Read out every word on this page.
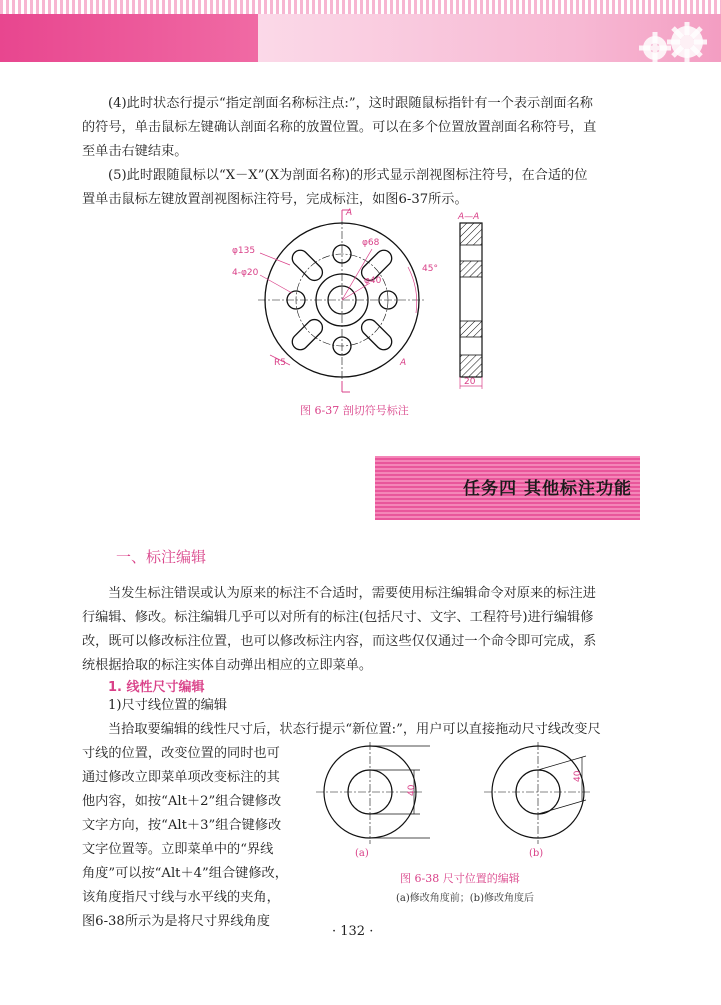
(4)此时状态行提示“指定剖面名称标注点:”，这时跟随鼠标指针有一个表示剖面名称
的符号，单击鼠标左键确认剖面名称的放置位置。可以在多个位置放置剖面名称符号，直
至单击右键结束。
(5)此时跟随鼠标以“X－X”(X为剖面名称)的形式显示剖视图标注符号，在合适的位
置单击鼠标左键放置剖视图标注符号，完成标注，如图6-37所示。
φ135
4-φ20
φ68
φ40
45°
R5
A
A
A—A
20
图 6-37 剖切符号标注
任务四 其他标注功能
一、标注编辑
当发生标注错误或认为原来的标注不合适时，需要使用标注编辑命令对原来的标注进
行编辑、修改。标注编辑几乎可以对所有的标注(包括尺寸、文字、工程符号)进行编辑修
改，既可以修改标注位置，也可以修改标注内容，而这些仅仅通过一个命令即可完成，系
统根据拾取的标注实体自动弹出相应的立即菜单。
1. 线性尺寸编辑
1)尺寸线位置的编辑
当拾取要编辑的线性尺寸后，状态行提示“新位置:”，用户可以直接拖动尺寸线改变尺
寸线的位置，改变位置的同时也可
通过修改立即菜单项改变标注的其
他内容，如按“Alt＋2”组合键修改
文字方向，按“Alt＋3”组合键修改
文字位置等。立即菜单中的“界线
角度”可以按“Alt＋4”组合键修改，
该角度指尺寸线与水平线的夹角，
图6-38所示为是将尺寸界线角度
40
40
(a)	(b)
图 6-38 尺寸位置的编辑
(a)修改角度前；(b)修改角度后
· 132 ·
